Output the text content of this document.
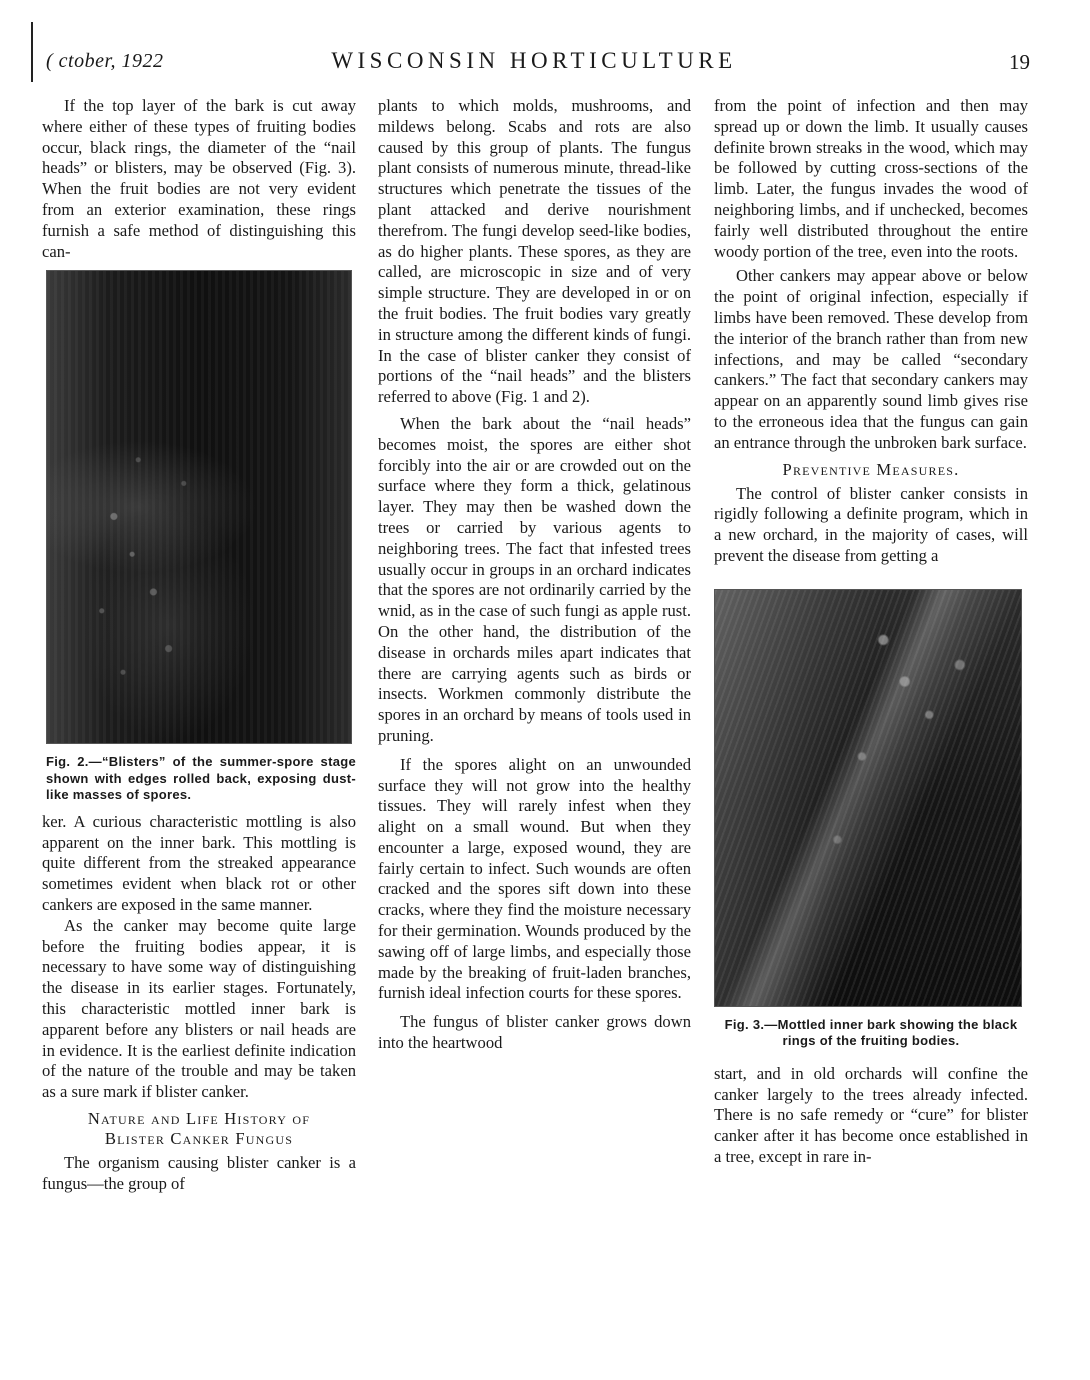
( ctober, 1922	WISCONSIN HORTICULTURE	19

If the top layer of the bark is cut away where either of these types of fruiting bodies occur, black rings, the diameter of the “nail heads” or blisters, may be observed (Fig. 3). When the fruit bodies are not very evident from an exterior examination, these rings furnish a safe method of distinguishing this can-

Fig. 2.—“Blisters” of the summer-spore stage shown with edges rolled back, exposing dust-like masses of spores.

ker. A curious characteristic mottling is also apparent on the inner bark. This mottling is quite different from the streaked appearance sometimes evident when black rot or other cankers are exposed in the same manner.

As the canker may become quite large before the fruiting bodies appear, it is necessary to have some way of distinguishing the disease in its earlier stages. Fortunately, this characteristic mottled inner bark is apparent before any blisters or nail heads are in evidence. It is the earliest definite indication of the nature of the trouble and may be taken as a sure mark if blister canker.

Nature and Life History of
Blister Canker Fungus

The organism causing blister canker is a fungus—the group of

plants to which molds, mushrooms, and mildews belong. Scabs and rots are also caused by this group of plants. The fungus plant consists of numerous minute, thread-like structures which penetrate the tissues of the plant attacked and derive nourishment therefrom. The fungi develop seed-like bodies, as do higher plants. These spores, as they are called, are microscopic in size and of very simple structure. They are developed in or on the fruit bodies. The fruit bodies vary greatly in structure among the different kinds of fungi. In the case of blister canker they consist of portions of the “nail heads” and the blisters referred to above (Fig. 1 and 2).

When the bark about the “nail heads” becomes moist, the spores are either shot forcibly into the air or are crowded out on the surface where they form a thick, gelatinous layer. They may then be washed down the trees or carried by various agents to neighboring trees. The fact that infested trees usually occur in groups in an orchard indicates that the spores are not ordinarily carried by the wnid, as in the case of such fungi as apple rust. On the other hand, the distribution of the disease in orchards miles apart indicates that there are carrying agents such as birds or insects. Workmen commonly distribute the spores in an orchard by means of tools used in pruning.

If the spores alight on an unwounded surface they will not grow into the healthy tissues. They will rarely infest when they alight on a small wound. But when they encounter a large, exposed wound, they are fairly certain to infect. Such wounds are often cracked and the spores sift down into these cracks, where they find the moisture necessary for their germination. Wounds produced by the sawing off of large limbs, and especially those made by the breaking of fruit-laden branches, furnish ideal infection courts for these spores.

The fungus of blister canker grows down into the heartwood

from the point of infection and then may spread up or down the limb. It usually causes definite brown streaks in the wood, which may be followed by cutting cross-sections of the limb. Later, the fungus invades the wood of neighboring limbs, and if unchecked, becomes fairly well distributed throughout the entire woody portion of the tree, even into the roots.

Other cankers may appear above or below the point of original infection, especially if limbs have been removed. These develop from the interior of the branch rather than from new infections, and may be called “secondary cankers.” The fact that secondary cankers may appear on an apparently sound limb gives rise to the erroneous idea that the fungus can gain an entrance through the unbroken bark surface.

Preventive Measures.

The control of blister canker consists in rigidly following a definite program, which in a new orchard, in the majority of cases, will prevent the disease from getting a

Fig. 3.—Mottled inner bark showing the black rings of the fruiting bodies.

start, and in old orchards will confine the canker largely to the trees already infected. There is no safe remedy or “cure” for blister canker after it has become once established in a tree, except in rare in-
